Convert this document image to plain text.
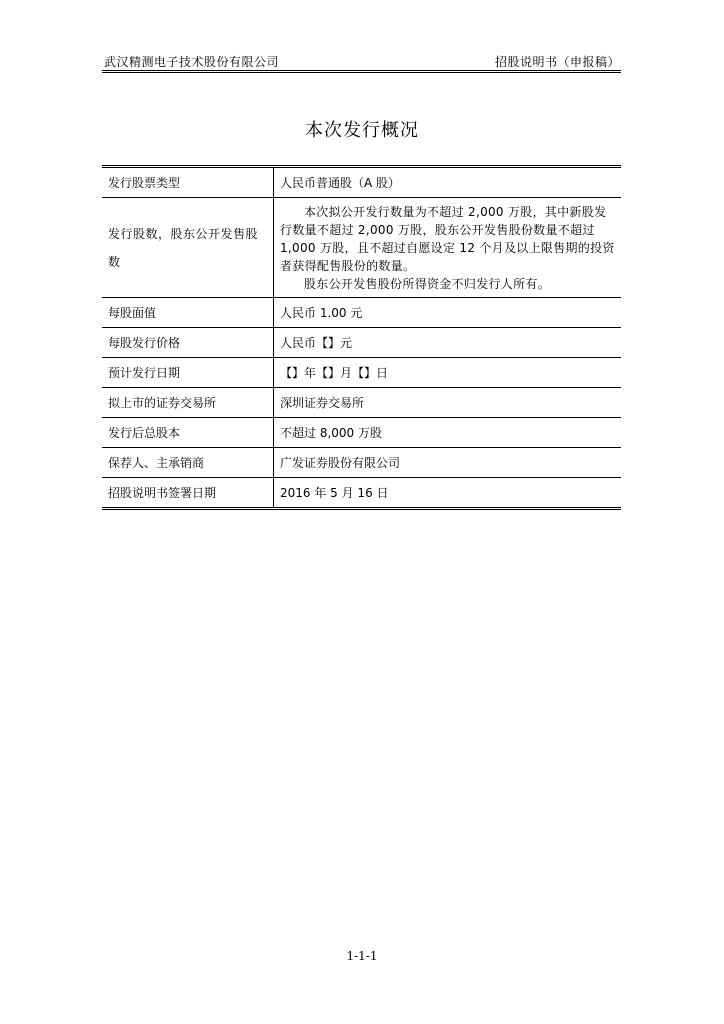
武汉精测电子技术股份有限公司	招股说明书（申报稿）
本次发行概况
发行股票类型	人民币普通股（A 股）
发行股数，股东公开发售股数	本次拟公开发行数量为不超过 2,000 万股，其中新股发行数量不超过 2,000 万股，股东公开发售股份数量不超过 1,000 万股，且不超过自愿设定 12 个月及以上限售期的投资者获得配售股份的数量。
股东公开发售股份所得资金不归发行人所有。

每股面值	人民币 1.00 元
每股发行价格	人民币【】元
预计发行日期	【】年【】月【】日
拟上市的证券交易所	深圳证券交易所
发行后总股本	不超过 8,000 万股
保荐人、主承销商	广发证券股份有限公司
招股说明书签署日期	2016 年 5 月 16 日
1-1-1
